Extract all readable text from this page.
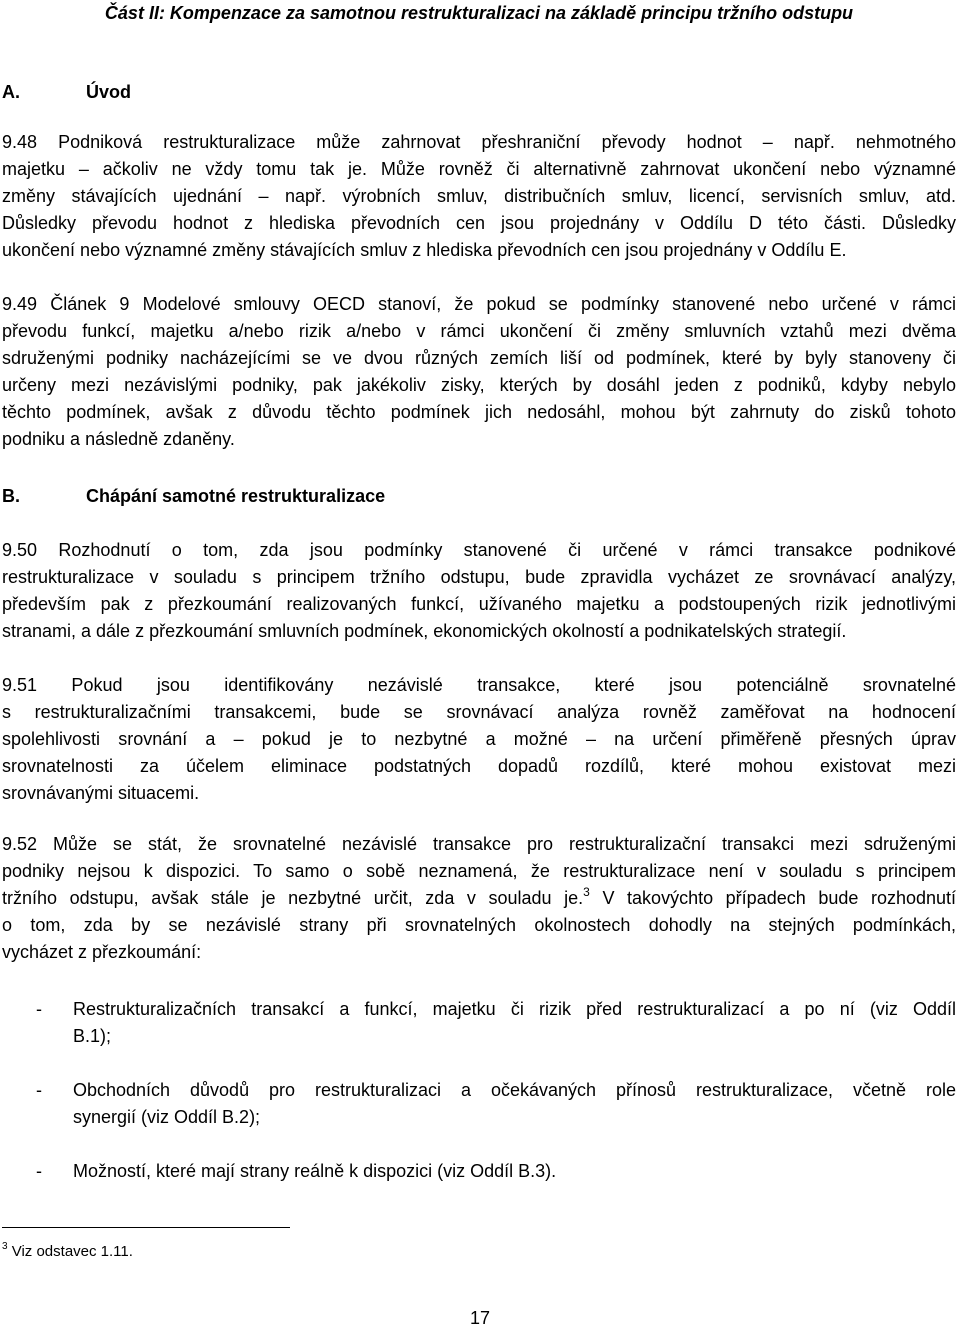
Část II: Kompenzace za samotnou restrukturalizaci na základě principu tržního odstupu
A.	Úvod
9.48 Podniková restrukturalizace může zahrnovat přeshraniční převody hodnot – např. nehmotného
majetku – ačkoliv ne vždy tomu tak je. Může rovněž či alternativně zahrnovat ukončení nebo významné
změny stávajících ujednání – např. výrobních smluv, distribučních smluv, licencí, servisních smluv, atd.
Důsledky převodu hodnot z hlediska převodních cen jsou projednány v Oddílu D této části. Důsledky
ukončení nebo významné změny stávajících smluv z hlediska převodních cen jsou projednány v Oddílu E.
9.49 Článek 9 Modelové smlouvy OECD stanoví, že pokud se podmínky stanovené nebo určené v rámci
převodu funkcí, majetku a/nebo rizik a/nebo v rámci ukončení či změny smluvních vztahů mezi dvěma
sdruženými podniky nacházejícími se ve dvou různých zemích liší od podmínek, které by byly stanoveny či
určeny mezi nezávislými podniky, pak jakékoliv zisky, kterých by dosáhl jeden z podniků, kdyby nebylo
těchto podmínek, avšak z důvodu těchto podmínek jich nedosáhl, mohou být zahrnuty do zisků tohoto
podniku a následně zdaněny.
B.	Chápání samotné restrukturalizace
9.50 Rozhodnutí o tom, zda jsou podmínky stanovené či určené v rámci transakce podnikové
restrukturalizace v souladu s principem tržního odstupu, bude zpravidla vycházet ze srovnávací analýzy,
především pak z přezkoumání realizovaných funkcí, užívaného majetku a podstoupených rizik jednotlivými
stranami, a dále z přezkoumání smluvních podmínek, ekonomických okolností a podnikatelských strategií.
9.51 Pokud jsou identifikovány nezávislé transakce, které jsou potenciálně srovnatelné
s restrukturalizačními transakcemi, bude se srovnávací analýza rovněž zaměřovat na hodnocení
spolehlivosti srovnání a – pokud je to nezbytné a možné – na určení přiměřeně přesných úprav
srovnatelnosti za účelem eliminace podstatných dopadů rozdílů, které mohou existovat mezi
srovnávanými situacemi.
9.52 Může se stát, že srovnatelné nezávislé transakce pro restrukturalizační transakci mezi sdruženými
podniky nejsou k dispozici. To samo o sobě neznamená, že restrukturalizace není v souladu s principem
tržního odstupu, avšak stále je nezbytné určit, zda v souladu je.$^3$ V takovýchto případech bude rozhodnutí
o tom, zda by se nezávislé strany při srovnatelných okolnostech dohodly na stejných podmínkách,
vycházet z přezkoumání:
- Restrukturalizačních transakcí a funkcí, majetku či rizik před restrukturalizací a po ní (viz Oddíl
B.1);
- Obchodních důvodů pro restrukturalizaci a očekávaných přínosů restrukturalizace, včetně role
synergií (viz Oddíl B.2);
- Možností, které mají strany reálně k dispozici (viz Oddíl B.3).
$^3$ Viz odstavec 1.11.
17
